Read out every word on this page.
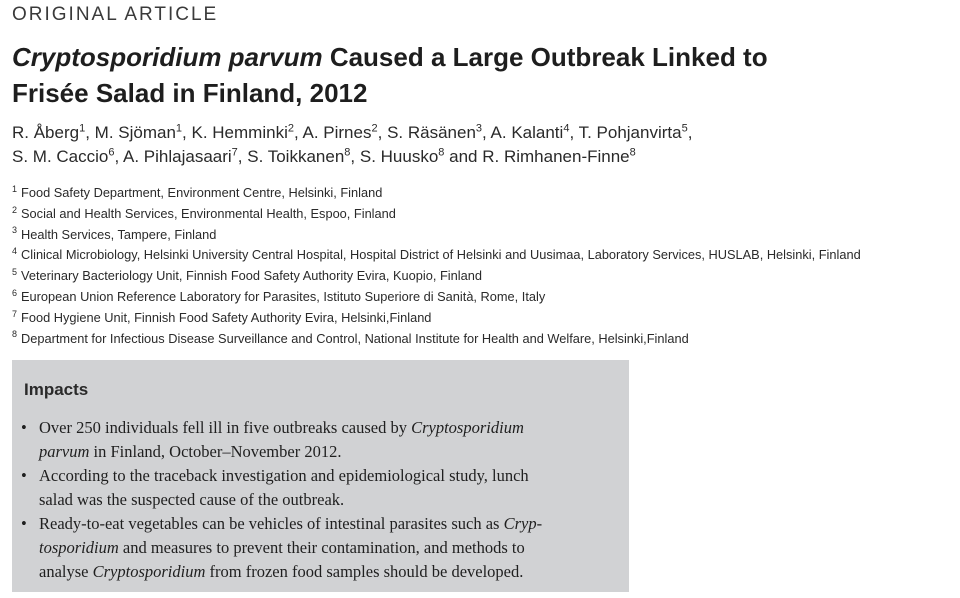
ORIGINAL ARTICLE
Cryptosporidium parvum Caused a Large Outbreak Linked to
Frisée Salad in Finland, 2012
R. Åberg$^1$, M. Sjöman$^1$, K. Hemminki$^2$, A. Pirnes$^2$, S. Räsänen$^3$, A. Kalanti$^4$, T. Pohjanvirta$^5$,
S. M. Caccio$^6$, A. Pihlajasaari$^7$, S. Toikkanen$^8$, S. Huusko$^8$ and R. Rimhanen-Finne$^8$
$^1$ Food Safety Department, Environment Centre, Helsinki, Finland
$^2$ Social and Health Services, Environmental Health, Espoo, Finland
$^3$ Health Services, Tampere, Finland
$^4$ Clinical Microbiology, Helsinki University Central Hospital, Hospital District of Helsinki and Uusimaa, Laboratory Services, HUSLAB, Helsinki, Finland
$^5$ Veterinary Bacteriology Unit, Finnish Food Safety Authority Evira, Kuopio, Finland
$^6$ European Union Reference Laboratory for Parasites, Istituto Superiore di Sanità, Rome, Italy
$^7$ Food Hygiene Unit, Finnish Food Safety Authority Evira, Helsinki,Finland
$^8$ Department for Infectious Disease Surveillance and Control, National Institute for Health and Welfare, Helsinki,Finland
Impacts
• Over 250 individuals fell ill in five outbreaks caused by Cryptosporidium
parvum in Finland, October–November 2012.
• According to the traceback investigation and epidemiological study, lunch
salad was the suspected cause of the outbreak.
• Ready-to-eat vegetables can be vehicles of intestinal parasites such as Cryp-
tosporidium and measures to prevent their contamination, and methods to
analyse Cryptosporidium from frozen food samples should be developed.
